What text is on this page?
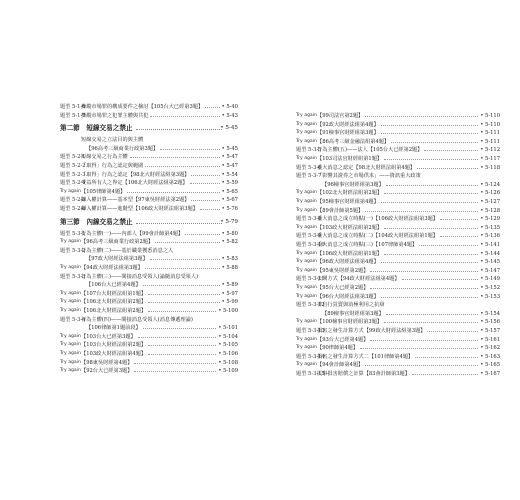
題型 5-1-6
操縱市場罪的構成要件之檢討【105台大已經第3題】	• 5-40
題型 5-1-7
操縱市場罪之犯罪主體與共犯	• 5-43
第二節　短線交易之禁止	• 5-45
短線交易之立法目的與主體
【96高考三級商業行政第3題】	• 5-45
題型 5-2-1
短線交易之行為主體	• 5-47
題型 5-2-2
「取得」行為之認定與範圍	• 5-47
題型 5-2-3
「取得」行為之認定【98北大財經法組第3題】	• 5-54
題型 5-2-4
受益所有人之界定【106北大財經法組第2題】	• 5-59
Try again 【105律師第4題】	• 5-65
題型 5-2-5
歸入權計算——基本型【97東吳財經法第2題】	• 5-67
題型 5-2-6
歸入權計算——進階型【106政大財經法組第3題】	• 5-76
第三節　內線交易之禁止	• 5-79
題型 5-3-1
行為主體(一)——內部人【99會計師第4題】	• 5-80
Try again 【96高考三級商業行政第2題】	• 5-82
題型 5-3-2
行為主體(二)——基於職業獲悉消息之人
【97政大財經法組第3題】	• 5-83
Try again 【94政大財經法組第3題】	• 5-88
題型 5-3-3
行為主體(三)——間接消息受領人(論隨消息受領人)
【106台大已經第4題】	• 5-89
Try again 【107台大財經法組第1題】	• 5-97
Try again 【106北大財經法組第2題】	• 5-99
Try again 【106北大財經法組第2題】	• 5-100
題型 5-3-4
行為主體(四)——間接消息受領人(消息傳遞理論)
【106律師第1題前段】	• 5-101
Try again 【103台大已經第3題】	• 5-104
Try again 【103台大財經法組第2題】	• 5-105
Try again 【103政大財經法組第4題】	• 5-106
Try again 【98東吳財經第4題】	• 5-108
Try again 【92台大已經第3題】	• 5-109
Try again 【99司法官第2題】	• 5-110
Try again 【92政大財經法組第4題】	• 5-110
Try again 【91檢事官財經組第3題】	• 5-111
Try again 【86高考三級金融法組第4題】	• 5-111
題型 5-3-5
行為主體(五)——法人【105台大已經第2題】	• 5-112
Try again 【103司法官財經組第1題】	• 5-117
題型 5-3-6
重大消息之認定【98北大財經法組第4題】	• 5-118
題型 5-3-7
「影響其證券之市場供求」——資訊重大政策
【96檢事官財經組第3題】	• 5-124
Try again 【102北大財經法組第2題】	• 5-126
Try again 【95檢事官財經組第4題】	• 5-127
Try again 【89會計師第5題】	• 5-128
題型 5-3-8
重大消息之成立時點(一)【106政大財經法組第3題】	• 5-129
Try again 【103政大財經法組第2題】	• 5-135
題型 5-3-9
重大消息之成立時點(二)【104政大財經法組第1題】	• 5-136
題型 5-3-10
重大消息之成立時點(三)【107律師第4題】	• 5-141
Try again 【106政大財經法組第1題】	• 5-144
Try again 【96政大財經法組第4題】	• 5-145
Try again 【95東吳財經第2題】	• 5-147
題型 5-3-11
公開方式【94政大財經法組第4題】	• 5-149
Try again 【95台大已經第2題】	• 5-152
Try again 【96台大財經法組第3題】	• 5-153
題型 5-3-12
非自行買賣與消極利用之抗辯
【89檢事官財經組第3題】	• 5-154
Try again 【100檢事官財經組第3題】	• 5-156
題型 5-3-13
損害之發生計算方式【99政大財經法組第3題】	• 5-157
Try again 【93台大已經第4題】	• 5-161
Try again 【90律師第4題】	• 5-162
題型 5-3-14
損害之發生計算方式二【101律師第4題】	• 5-163
Try again 【94會計師第4題】	• 5-165
題型 5-3-15
民事損害賠償之計算【83會計師第3題】	• 5-167
